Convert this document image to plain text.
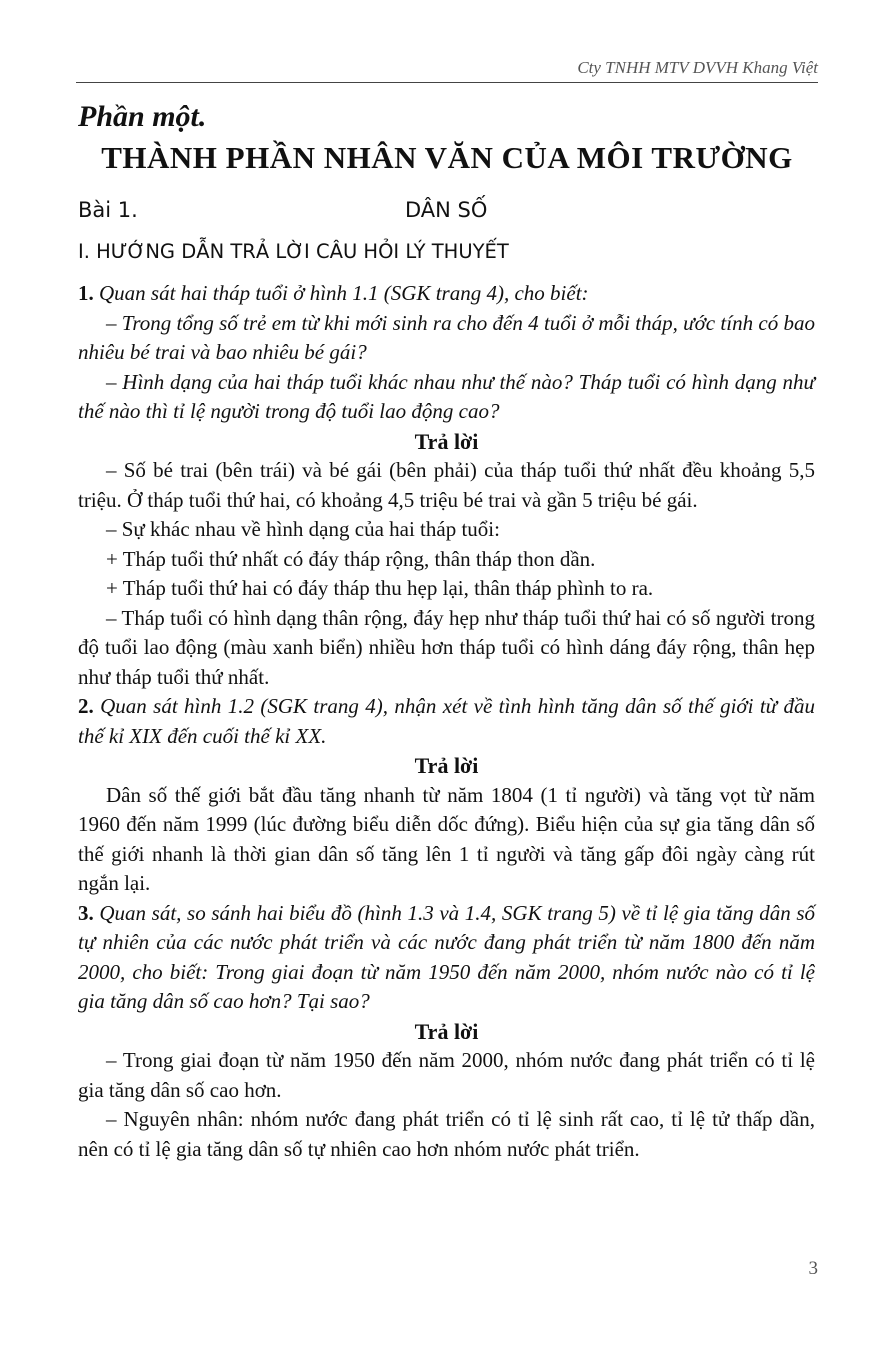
Cty TNHH MTV DVVH Khang Việt
Phần một.
THÀNH PHẦN NHÂN VĂN CỦA MÔI TRƯỜNG
Bài 1.	DÂN SỐ
I. HƯỚNG DẪN TRẢ LỜI CÂU HỎI LÝ THUYẾT

1. Quan sát hai tháp tuổi ở hình 1.1 (SGK trang 4), cho biết:

– Trong tổng số trẻ em từ khi mới sinh ra cho đến 4 tuổi ở mỗi tháp, ước tính có bao nhiêu bé trai và bao nhiêu bé gái?

– Hình dạng của hai tháp tuổi khác nhau như thế nào? Tháp tuổi có hình dạng như thế nào thì tỉ lệ người trong độ tuổi lao động cao?

Trả lời

– Số bé trai (bên trái) và bé gái (bên phải) của tháp tuổi thứ nhất đều khoảng 5,5 triệu. Ở tháp tuổi thứ hai, có khoảng 4,5 triệu bé trai và gần 5 triệu bé gái.

– Sự khác nhau về hình dạng của hai tháp tuổi:

+ Tháp tuổi thứ nhất có đáy tháp rộng, thân tháp thon dần.

+ Tháp tuổi thứ hai có đáy tháp thu hẹp lại, thân tháp phình to ra.

– Tháp tuổi có hình dạng thân rộng, đáy hẹp như tháp tuổi thứ hai có số người trong độ tuổi lao động (màu xanh biển) nhiều hơn tháp tuổi có hình dáng đáy rộng, thân hẹp như tháp tuổi thứ nhất.

2. Quan sát hình 1.2 (SGK trang 4), nhận xét về tình hình tăng dân số thế giới từ đầu thế kỉ XIX đến cuối thế kỉ XX.

Trả lời

Dân số thế giới bắt đầu tăng nhanh từ năm 1804 (1 tỉ người) và tăng vọt từ năm 1960 đến năm 1999 (lúc đường biểu diễn dốc đứng). Biểu hiện của sự gia tăng dân số thế giới nhanh là thời gian dân số tăng lên 1 tỉ người và tăng gấp đôi ngày càng rút ngắn lại.

3. Quan sát, so sánh hai biểu đồ (hình 1.3 và 1.4, SGK trang 5) về tỉ lệ gia tăng dân số tự nhiên của các nước phát triển và các nước đang phát triển từ năm 1800 đến năm 2000, cho biết: Trong giai đoạn từ năm 1950 đến năm 2000, nhóm nước nào có tỉ lệ gia tăng dân số cao hơn? Tại sao?

Trả lời

– Trong giai đoạn từ năm 1950 đến năm 2000, nhóm nước đang phát triển có tỉ lệ gia tăng dân số cao hơn.

– Nguyên nhân: nhóm nước đang phát triển có tỉ lệ sinh rất cao, tỉ lệ tử thấp dần, nên có tỉ lệ gia tăng dân số tự nhiên cao hơn nhóm nước phát triển.

3
